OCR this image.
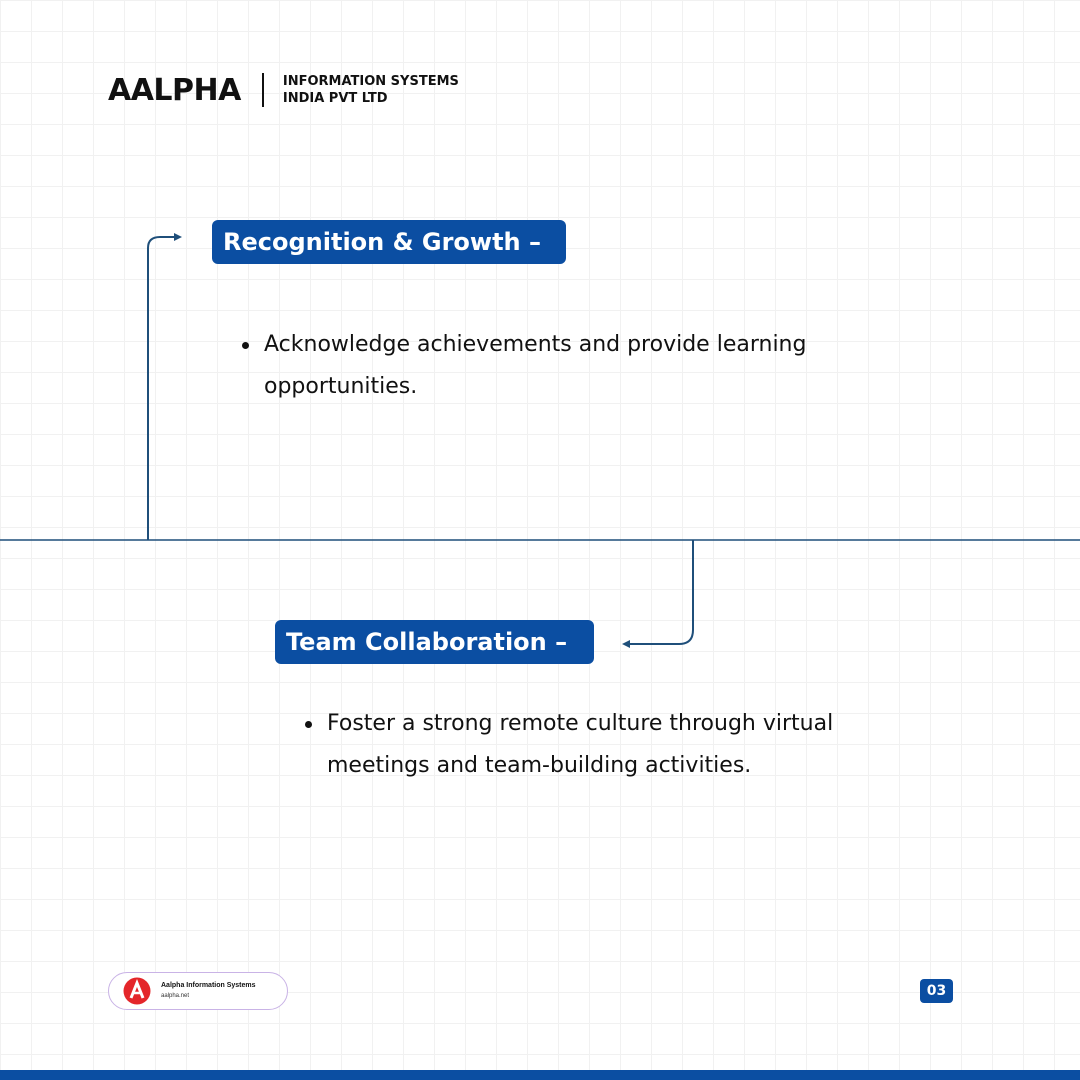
AALPHA	INFORMATION SYSTEMS
INDIA PVT LTD
Recognition & Growth –
Acknowledge achievements and provide learning opportunities.
Team Collaboration –
Foster a strong remote culture through virtual meetings and team-building activities.
Aalpha Information Systems
aalpha.net	03
